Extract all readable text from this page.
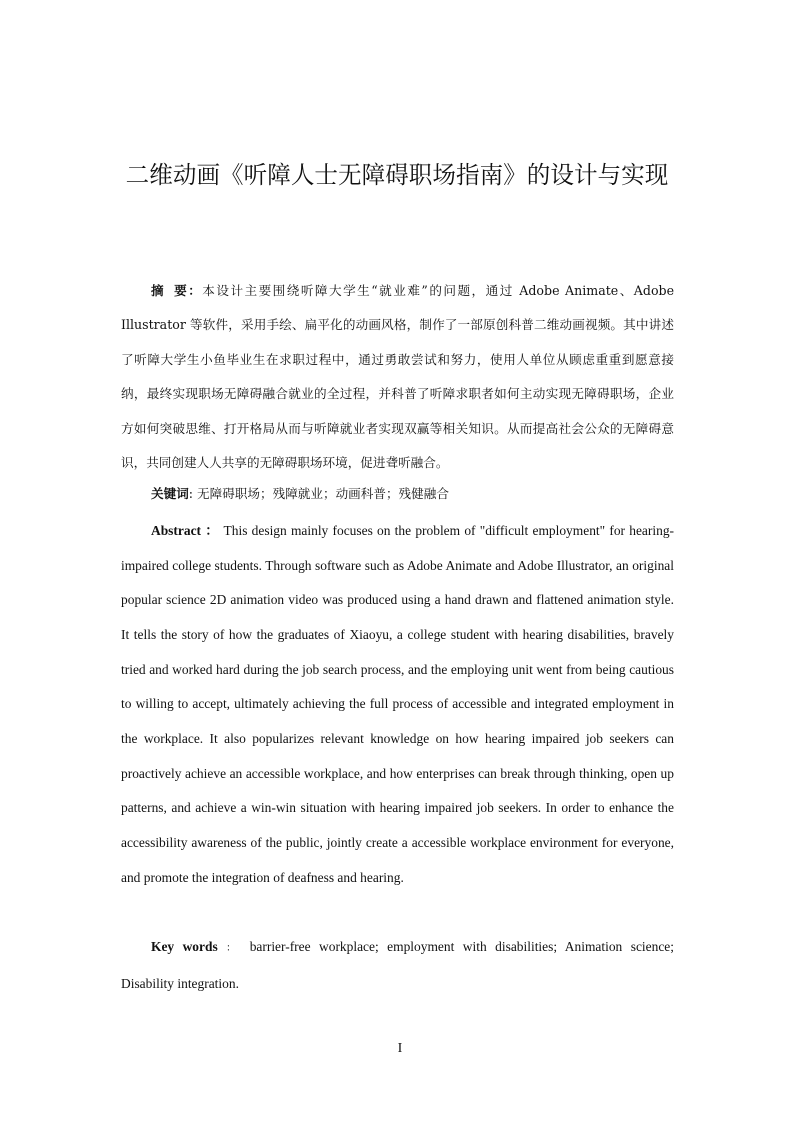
二维动画《听障人士无障碍职场指南》的设计与实现

摘要：本设计主要围绕听障大学生“就业难”的问题，通过 Adobe Animate、Adobe Illustrator 等软件，采用手绘、扁平化的动画风格，制作了一部原创科普二维动画视频。其中讲述了听障大学生小鱼毕业生在求职过程中，通过勇敢尝试和努力，使用人单位从顾虑重重到愿意接纳，最终实现职场无障碍融合就业的全过程，并科普了听障求职者如何主动实现无障碍职场，企业方如何突破思维、打开格局从而与听障就业者实现双赢等相关知识。从而提高社会公众的无障碍意识，共同创建人人共享的无障碍职场环境，促进聋听融合。

关键词: 无障碍职场；残障就业；动画科普；残健融合

Abstract ： This design mainly focuses on the problem of "difficult employment" for hearing-impaired college students. Through software such as Adobe Animate and Adobe Illustrator, an original popular science 2D animation video was produced using a hand drawn and flattened animation style. It tells the story of how the graduates of Xiaoyu, a college student with hearing disabilities, bravely tried and worked hard during the job search process, and the employing unit went from being cautious to willing to accept, ultimately achieving the full process of accessible and integrated employment in the workplace. It also popularizes relevant knowledge on how hearing impaired job seekers can proactively achieve an accessible workplace, and how enterprises can break through thinking, open up patterns, and achieve a win-win situation with hearing impaired job seekers. In order to enhance the accessibility awareness of the public, jointly create a accessible workplace environment for everyone, and promote the integration of deafness and hearing.

Key words ： barrier-free workplace; employment with disabilities; Animation science; Disability integration.

I
